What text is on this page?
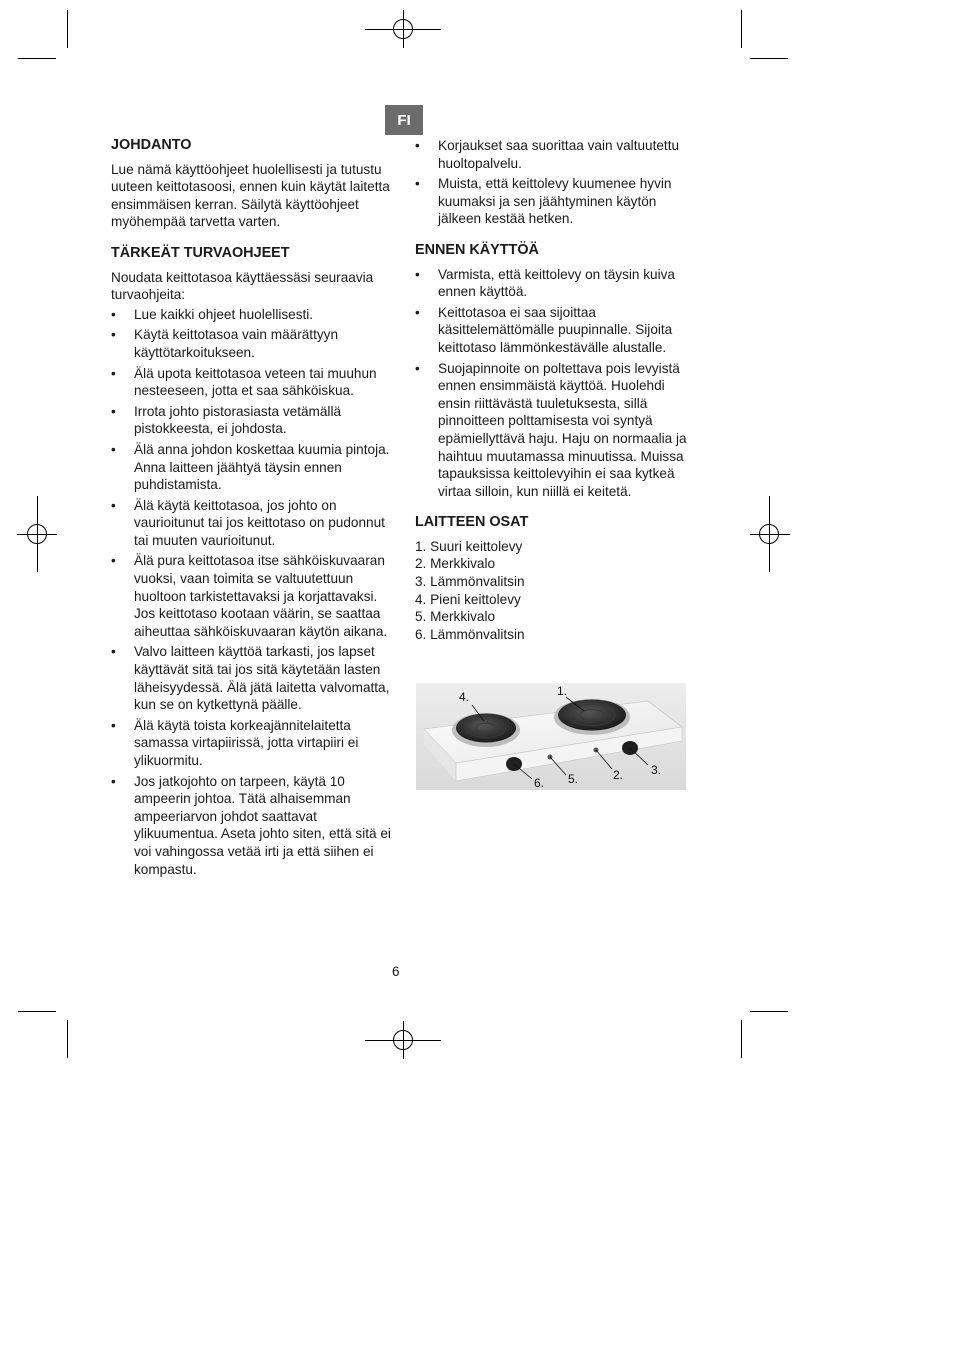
FI
JOHDANTO
Lue nämä käyttöohjeet huolellisesti ja tutustu uuteen keittotasoosi, ennen kuin käytät laitetta ensimmäisen kerran. Säilytä käyttöohjeet myöhempää tarvetta varten.
TÄRKEÄT TURVAOHJEET
Noudata keittotasoa käyttäessäsi seuraavia turvaohjeita:
• Lue kaikki ohjeet huolellisesti.
• Käytä keittotasoa vain määrättyyn käyttötarkoitukseen.
• Älä upota keittotasoa veteen tai muuhun nesteeseen, jotta et saa sähköiskua.
• Irrota johto pistorasiasta vetämällä pistokkeesta, ei johdosta.
• Älä anna johdon koskettaa kuumia pintoja. Anna laitteen jäähtyä täysin ennen puhdistamista.
• Älä käytä keittotasoa, jos johto on vaurioitunut tai jos keittotaso on pudonnut tai muuten vaurioitunut.
• Älä pura keittotasoa itse sähköiskuvaaran vuoksi, vaan toimita se valtuutettuun huoltoon tarkistettavaksi ja korjattavaksi. Jos keittotaso kootaan väärin, se saattaa aiheuttaa sähköiskuvaaran käytön aikana.
• Valvo laitteen käyttöä tarkasti, jos lapset käyttävät sitä tai jos sitä käytetään lasten läheisyydessä. Älä jätä laitetta valvomatta, kun se on kytkettynä päälle.
• Älä käytä toista korkeajännitelaitetta samassa virtapiirissä, jotta virtapiiri ei ylikuormitu.
• Jos jatkojohto on tarpeen, käytä 10 ampeerin johtoa. Tätä alhaisemman ampeeriarvon johdot saattavat ylikuumentua. Aseta johto siten, että sitä ei voi vahingossa vetää irti ja että siihen ei kompastu.
• Korjaukset saa suorittaa vain valtuutettu huoltopalvelu.
• Muista, että keittolevy kuumenee hyvin kuumaksi ja sen jäähtyminen käytön jälkeen kestää hetken.
ENNEN KÄYTTÖÄ
• Varmista, että keittolevy on täysin kuiva ennen käyttöä.
• Keittotasoa ei saa sijoittaa käsittelemättömälle puupinnalle. Sijoita keittotaso lämmönkestävälle alustalle.
• Suojapinnoite on poltettava pois levyistä ennen ensimmäistä käyttöä. Huolehdi ensin riittävästä tuuletuksesta, sillä pinnoitteen polttamisesta voi syntyä epämiellyttävä haju. Haju on normaalia ja haihtuu muutamassa minuutissa. Muissa tapauksissa keittolevyihin ei saa kytkeä virtaa silloin, kun niillä ei keitetä.
LAITTEEN OSAT
1. Suuri keittolevy
2. Merkkivalo
3. Lämmönvalitsin
4. Pieni keittolevy
5. Merkkivalo
6. Lämmönvalitsin
1.
2. 3.
4.
5.
6.
6
